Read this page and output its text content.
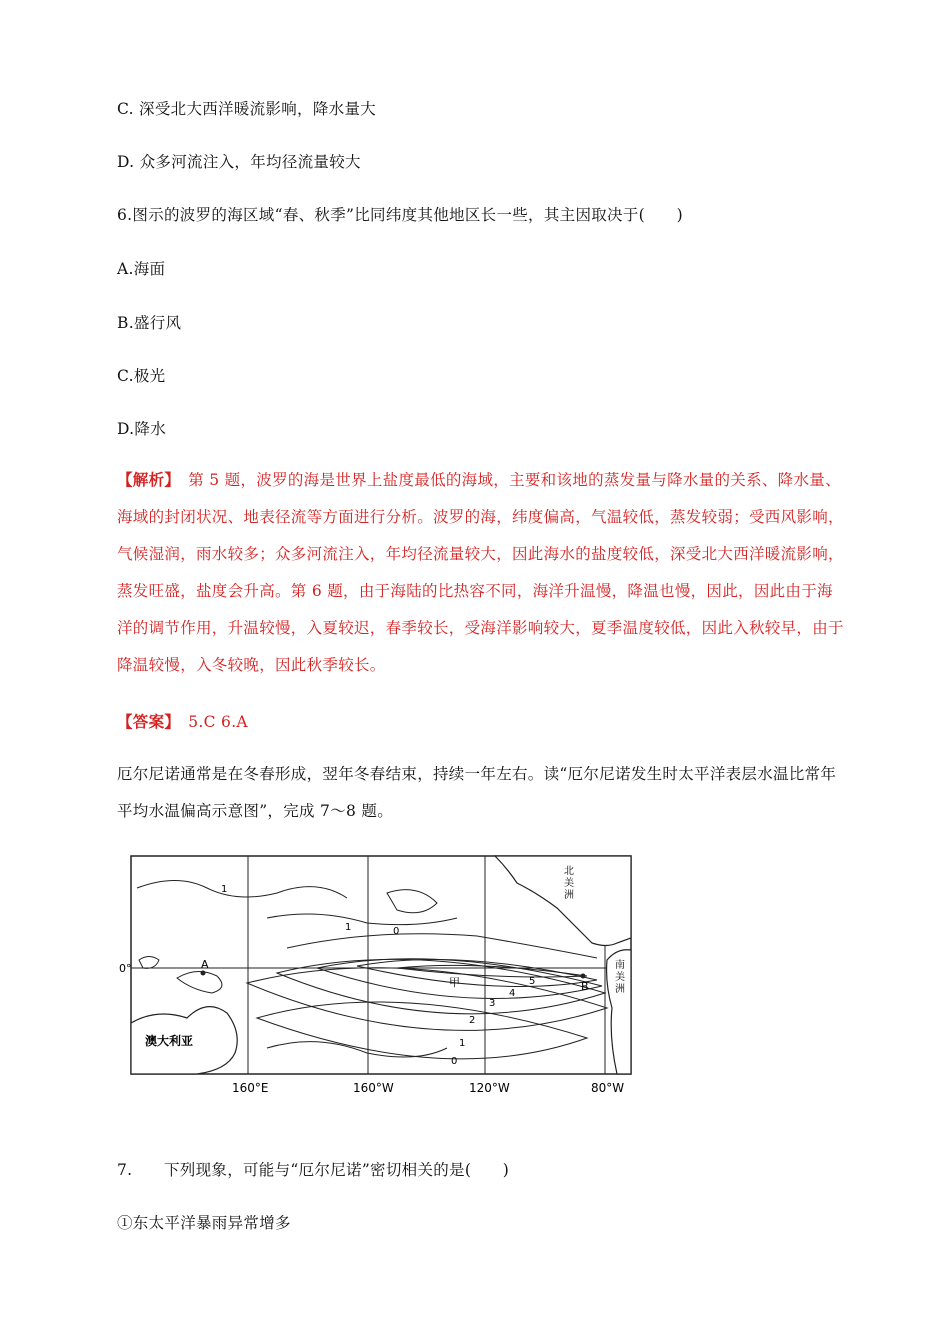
C. 深受北大西洋暖流影响，降水量大
D. 众多河流注入，年均径流量较大
6.图示的波罗的海区域“春、秋季”比同纬度其他地区长一些，其主因取决于(　　)
A.海面
B.盛行风
C.极光
D.降水
【解析】　第 5 题，波罗的海是世界上盐度最低的海域，主要和该地的蒸发量与降水量的关系、降水量、海域的封闭状况、地表径流等方面进行分析。波罗的海，纬度偏高，气温较低，蒸发较弱；受西风影响，气候湿润，雨水较多；众多河流注入，年均径流量较大，因此海水的盐度较低，深受北大西洋暖流影响，蒸发旺盛，盐度会升高。第 6 题，由于海陆的比热容不同，海洋升温慢，降温也慢，因此，因此由于海洋的调节作用，升温较慢，入夏较迟，春季较长，受海洋影响较大，夏季温度较低，因此入秋较早，由于降温较慢，入冬较晚，因此秋季较长。
【答案】　5.C 6.A
厄尔尼诺通常是在冬春形成，翌年冬春结束，持续一年左右。读“厄尔尼诺发生时太平洋表层水温比常年平均水温偏高示意图”，完成 7～8 题。
0°
160°E	160°W	120°W	80°W
澳大利亚
北
美
洲
南
美
洲
A
B
甲
1
1	0
5
4
3
2
1
0
7.　　下列现象，可能与“厄尔尼诺”密切相关的是(　　)
①东太平洋暴雨异常增多
